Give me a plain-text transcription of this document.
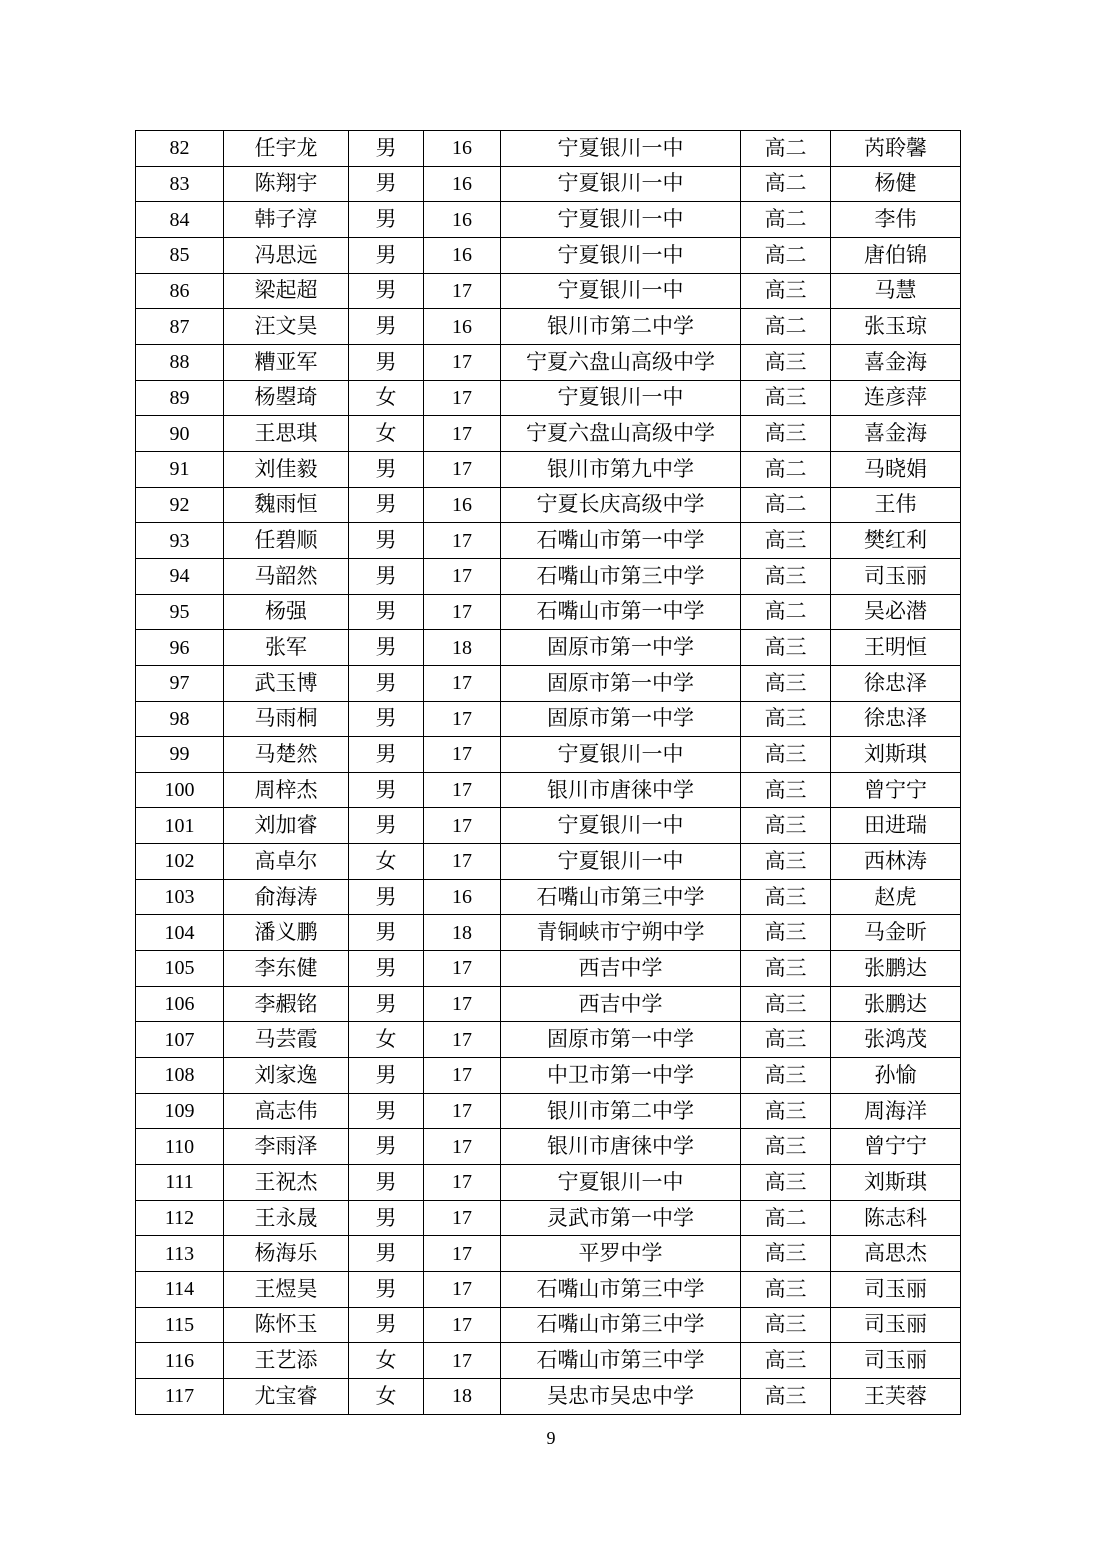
82	任宇龙	男	16	宁夏银川一中	高二	芮聆馨
83	陈翔宇	男	16	宁夏银川一中	高二	杨健
84	韩子淳	男	16	宁夏银川一中	高二	李伟
85	冯思远	男	16	宁夏银川一中	高二	唐伯锦
86	梁起超	男	17	宁夏银川一中	高三	马慧
87	汪文昊	男	16	银川市第二中学	高二	张玉琼
88	糟亚军	男	17	宁夏六盘山高级中学	高三	喜金海
89	杨曌琦	女	17	宁夏银川一中	高三	连彦萍
90	王思琪	女	17	宁夏六盘山高级中学	高三	喜金海
91	刘佳毅	男	17	银川市第九中学	高二	马晓娟
92	魏雨恒	男	16	宁夏长庆高级中学	高二	王伟
93	任碧顺	男	17	石嘴山市第一中学	高三	樊红利
94	马韶然	男	17	石嘴山市第三中学	高三	司玉丽
95	杨强	男	17	石嘴山市第一中学	高二	吴必潜
96	张军	男	18	固原市第一中学	高三	王明恒
97	武玉博	男	17	固原市第一中学	高三	徐忠泽
98	马雨桐	男	17	固原市第一中学	高三	徐忠泽
99	马楚然	男	17	宁夏银川一中	高三	刘斯琪
100	周梓杰	男	17	银川市唐徕中学	高三	曾宁宁
101	刘加睿	男	17	宁夏银川一中	高三	田进瑞
102	高卓尔	女	17	宁夏银川一中	高三	西林涛
103	俞海涛	男	16	石嘴山市第三中学	高三	赵虎
104	潘义鹏	男	18	青铜峡市宁朔中学	高三	马金昕
105	李东健	男	17	西吉中学	高三	张鹏达
106	李赮铭	男	17	西吉中学	高三	张鹏达
107	马芸霞	女	17	固原市第一中学	高三	张鸿茂
108	刘家逸	男	17	中卫市第一中学	高三	孙愉
109	高志伟	男	17	银川市第二中学	高三	周海洋
110	李雨泽	男	17	银川市唐徕中学	高三	曾宁宁
111	王祝杰	男	17	宁夏银川一中	高三	刘斯琪
112	王永晟	男	17	灵武市第一中学	高二	陈志科
113	杨海乐	男	17	平罗中学	高三	高思杰
114	王煜昊	男	17	石嘴山市第三中学	高三	司玉丽
115	陈怀玉	男	17	石嘴山市第三中学	高三	司玉丽
116	王艺添	女	17	石嘴山市第三中学	高三	司玉丽
117	尤宝睿	女	18	吴忠市吴忠中学	高三	王芙蓉
9
